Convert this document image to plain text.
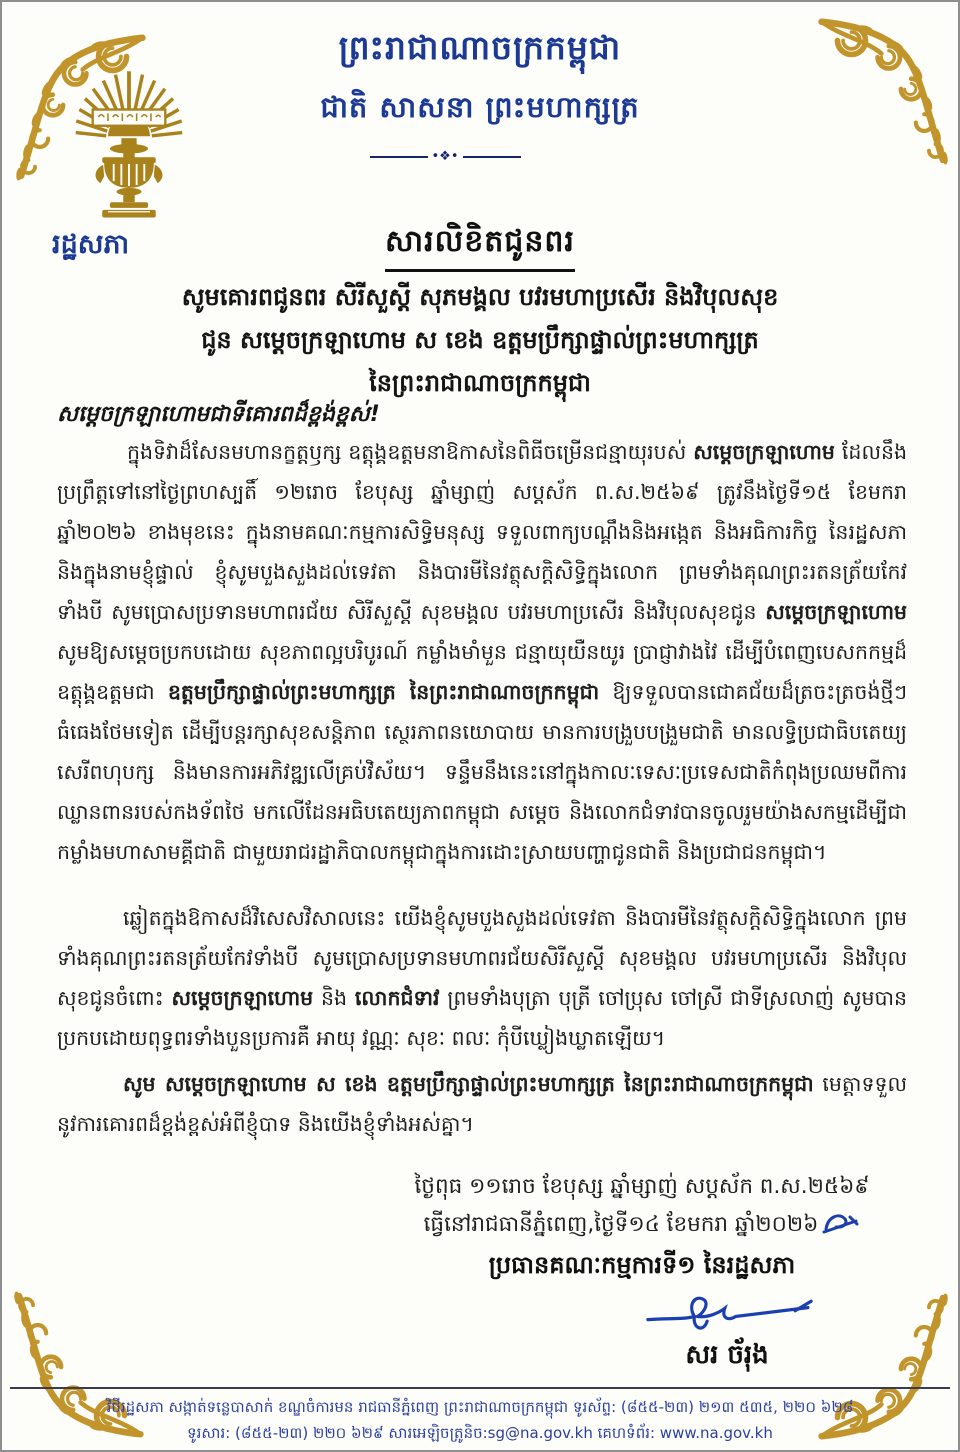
ព្រះរាជាណាចក្រកម្ពុជា
ជាតិ សាសនា ព្រះមហាក្សត្រ
•❖•
រដ្ឋសភា	សារលិខិតជូនពរ
សូមគោរពជូនពរ សិរីសួស្ដី សុភមង្គល បវរមហាប្រសើរ និងវិបុលសុខ
ជូន សម្ដេចក្រឡាហោម ស ខេង ឧត្តមប្រឹក្សាផ្ទាល់ព្រះមហាក្សត្រ
នៃព្រះរាជាណាចក្រកម្ពុជា
សម្ដេចក្រឡាហោមជាទីគោរពដ៏ខ្ពង់ខ្ពស់!

ក្នុងទិវាដ៏សែនមហានក្ខត្តឫក្ស ឧត្ដុង្គឧត្ដមនាឱកាសនៃពិធីចម្រើនជន្មាយុរបស់ សម្ដេចក្រឡាហោម ដែលនឹងប្រព្រឹត្តទៅនៅថ្ងៃព្រហស្បតិ៍ ១២រោច ខែបុស្ស ឆ្នាំម្សាញ់ សប្ដស័ក ព.ស.២៥៦៩ ត្រូវនឹងថ្ងៃទី១៥ ខែមករា ឆ្នាំ២០២៦ ខាងមុខនេះ ក្នុងនាមគណៈកម្មការសិទ្ធិមនុស្ស ទទួលពាក្យបណ្ដឹងនិងអង្កេត និងអធិការកិច្ច នៃរដ្ឋសភា និងក្នុងនាមខ្ញុំផ្ទាល់ ខ្ញុំសូមបួងសួងដល់ទេវតា និងបារមីនៃវត្ថុសក្ដិសិទ្ធិក្នុងលោក ព្រមទាំងគុណព្រះរតនត្រ័យកែវទាំងបី សូមប្រោសប្រទានមហាពរជ័យ សិរីសួស្ដី សុខមង្គល បវរមហាប្រសើរ និងវិបុលសុខជូន សម្ដេចក្រឡាហោម សូមឱ្យសម្ដេចប្រកបដោយ សុខភាពល្អបរិបូរណ៍ កម្លាំងមាំមួន ជន្មាយុយឺនយូរ ប្រាជ្ញាវាងវៃ ដើម្បីបំពេញបេសកកម្មដ៏ឧត្ដុង្គឧត្ដមជា ឧត្តមប្រឹក្សាផ្ទាល់ព្រះមហាក្សត្រ នៃព្រះរាជាណាចក្រកម្ពុជា ឱ្យទទួលបានជោគជ័យដ៏ត្រចះត្រចង់ថ្មីៗធំធេងថែមទៀត ដើម្បីបន្តរក្សាសុខសន្តិភាព ស្ថេរភាពនយោបាយ មានការបង្រួបបង្រួមជាតិ មានលទ្ធិប្រជាធិបតេយ្យ សេរីពហុបក្ស និងមានការអភិវឌ្ឍលើគ្រប់វិស័យ។ ទន្ទឹមនឹងនេះនៅក្នុងកាលៈទេសៈប្រទេសជាតិកំពុងប្រឈមពីការឈ្លានពានរបស់កងទ័ពថៃ មកលើដែនអធិបតេយ្យភាពកម្ពុជា សម្ដេច និងលោកជំទាវបានចូលរួមយ៉ាងសកម្មដើម្បីជាកម្លាំងមហាសាមគ្គីជាតិ ជាមួយរាជរដ្ឋាភិបាលកម្ពុជាក្នុងការដោះស្រាយបញ្ហាជូនជាតិ និងប្រជាជនកម្ពុជា។

ឆ្លៀតក្នុងឱកាសដ៏វិសេសវិសាលនេះ យើងខ្ញុំសូមបួងសួងដល់ទេវតា និងបារមីនៃវត្ថុសក្ដិសិទ្ធិក្នុងលោក ព្រមទាំងគុណព្រះរតនត្រ័យកែវទាំងបី សូមប្រោសប្រទានមហាពរជ័យសិរីសួស្ដី សុខមង្គល បវរមហាប្រសើរ និងវិបុលសុខជូនចំពោះ សម្ដេចក្រឡាហោម និង លោកជំទាវ ព្រមទាំងបុត្រា បុត្រី ចៅប្រុស ចៅស្រី ជាទីស្រលាញ់ សូមបានប្រកបដោយពុទ្ធពរទាំងបួនប្រការគឺ អាយុ វណ្ណៈ សុខៈ ពលៈ កុំបីឃ្លៀងឃ្លាតឡើយ។

សូម សម្ដេចក្រឡាហោម ស ខេង ឧត្តមប្រឹក្សាផ្ទាល់ព្រះមហាក្សត្រ នៃព្រះរាជាណាចក្រកម្ពុជា មេត្តាទទួលនូវការគោរពដ៏ខ្ពង់ខ្ពស់អំពីខ្ញុំបាទ និងយើងខ្ញុំទាំងអស់គ្នា។

ថ្ងៃពុធ ១១រោច ខែបុស្ស ឆ្នាំម្សាញ់ សប្ដស័ក ព.ស.២៥៦៩
ធ្វើនៅរាជធានីភ្នំពេញ,ថ្ងៃទី១៤ ខែមករា ឆ្នាំ២០២៦
ប្រធានគណៈកម្មការទី១ នៃរដ្ឋសភា
សរ ច័រុង
វិថីរដ្ឋសភា សង្កាត់ទន្លេបាសាក់ ខណ្ឌចំការមន រាជធានីភ្នំពេញ ព្រះរាជាណាចក្រកម្ពុជា ទូរស័ព្ទ: (៨៥៥-២៣) ២១៣ ៥៣៥, ២២០ ៦២៨
ទូរសារ: (៨៥៥-២៣) ២២០ ៦២៩ សារអេឡិចត្រូនិច:sg@na.gov.kh គេហទំព័រ: www.na.gov.kh
